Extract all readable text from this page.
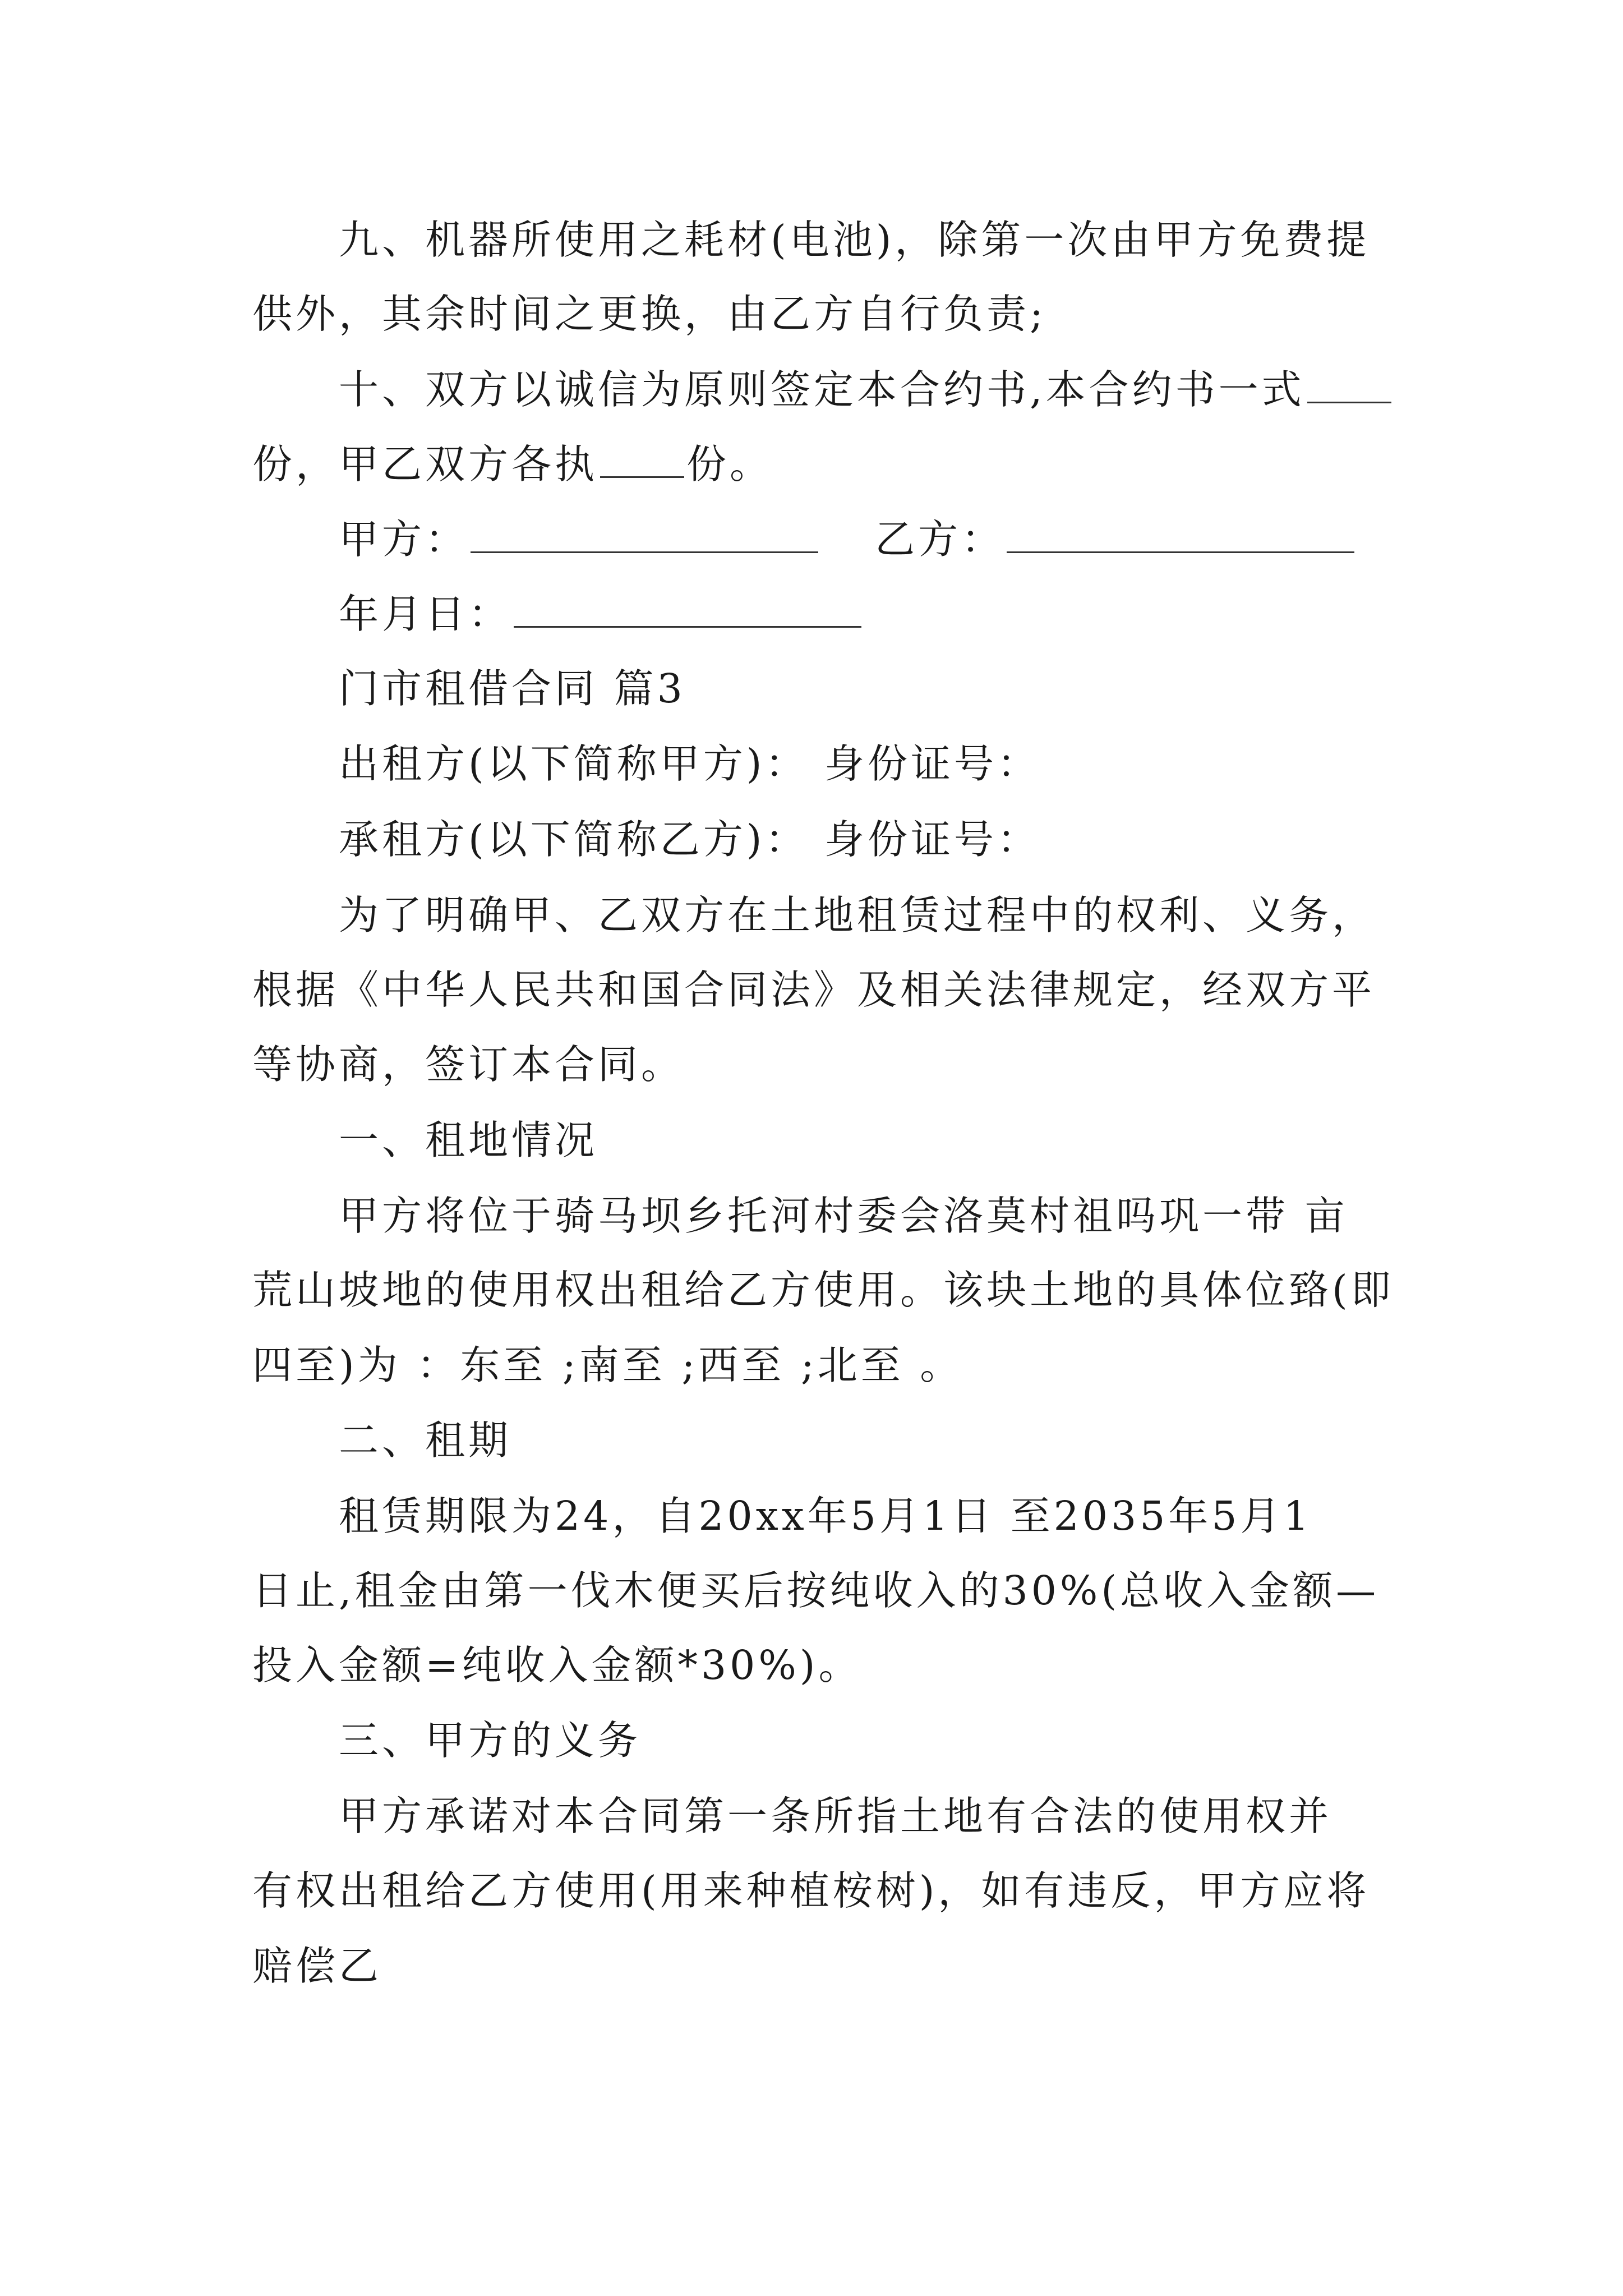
九、机器所使用之耗材(电池)，除第一次由甲方免费提
供外，其余时间之更换，由乙方自行负责;
十、双方以诚信为原则签定本合约书,本合约书一式
份，甲乙双方各执 份。
甲方：	乙方：
年月日：
门市租借合同 篇3
出租方(以下简称甲方)： 身份证号：
承租方(以下简称乙方)： 身份证号：
为了明确甲、乙双方在土地租赁过程中的权利、义务，
根据《中华人民共和国合同法》及相关法律规定，经双方平
等协商，签订本合同。
一、租地情况
甲方将位于骑马坝乡托河村委会洛莫村祖吗巩一带 亩
荒山坡地的使用权出租给乙方使用。该块土地的具体位臵(即
四至)为 ：东至 ;南至 ;西至 ;北至 。
二、租期
租赁期限为24，自20xx年5月1日 至2035年5月1
日止,租金由第一伐木便买后按纯收入的30%(总收入金额—
投入金额=纯收入金额*30%)。
三、甲方的义务
甲方承诺对本合同第一条所指土地有合法的使用权并
有权出租给乙方使用(用来种植桉树)，如有违反，甲方应将
赔偿乙
